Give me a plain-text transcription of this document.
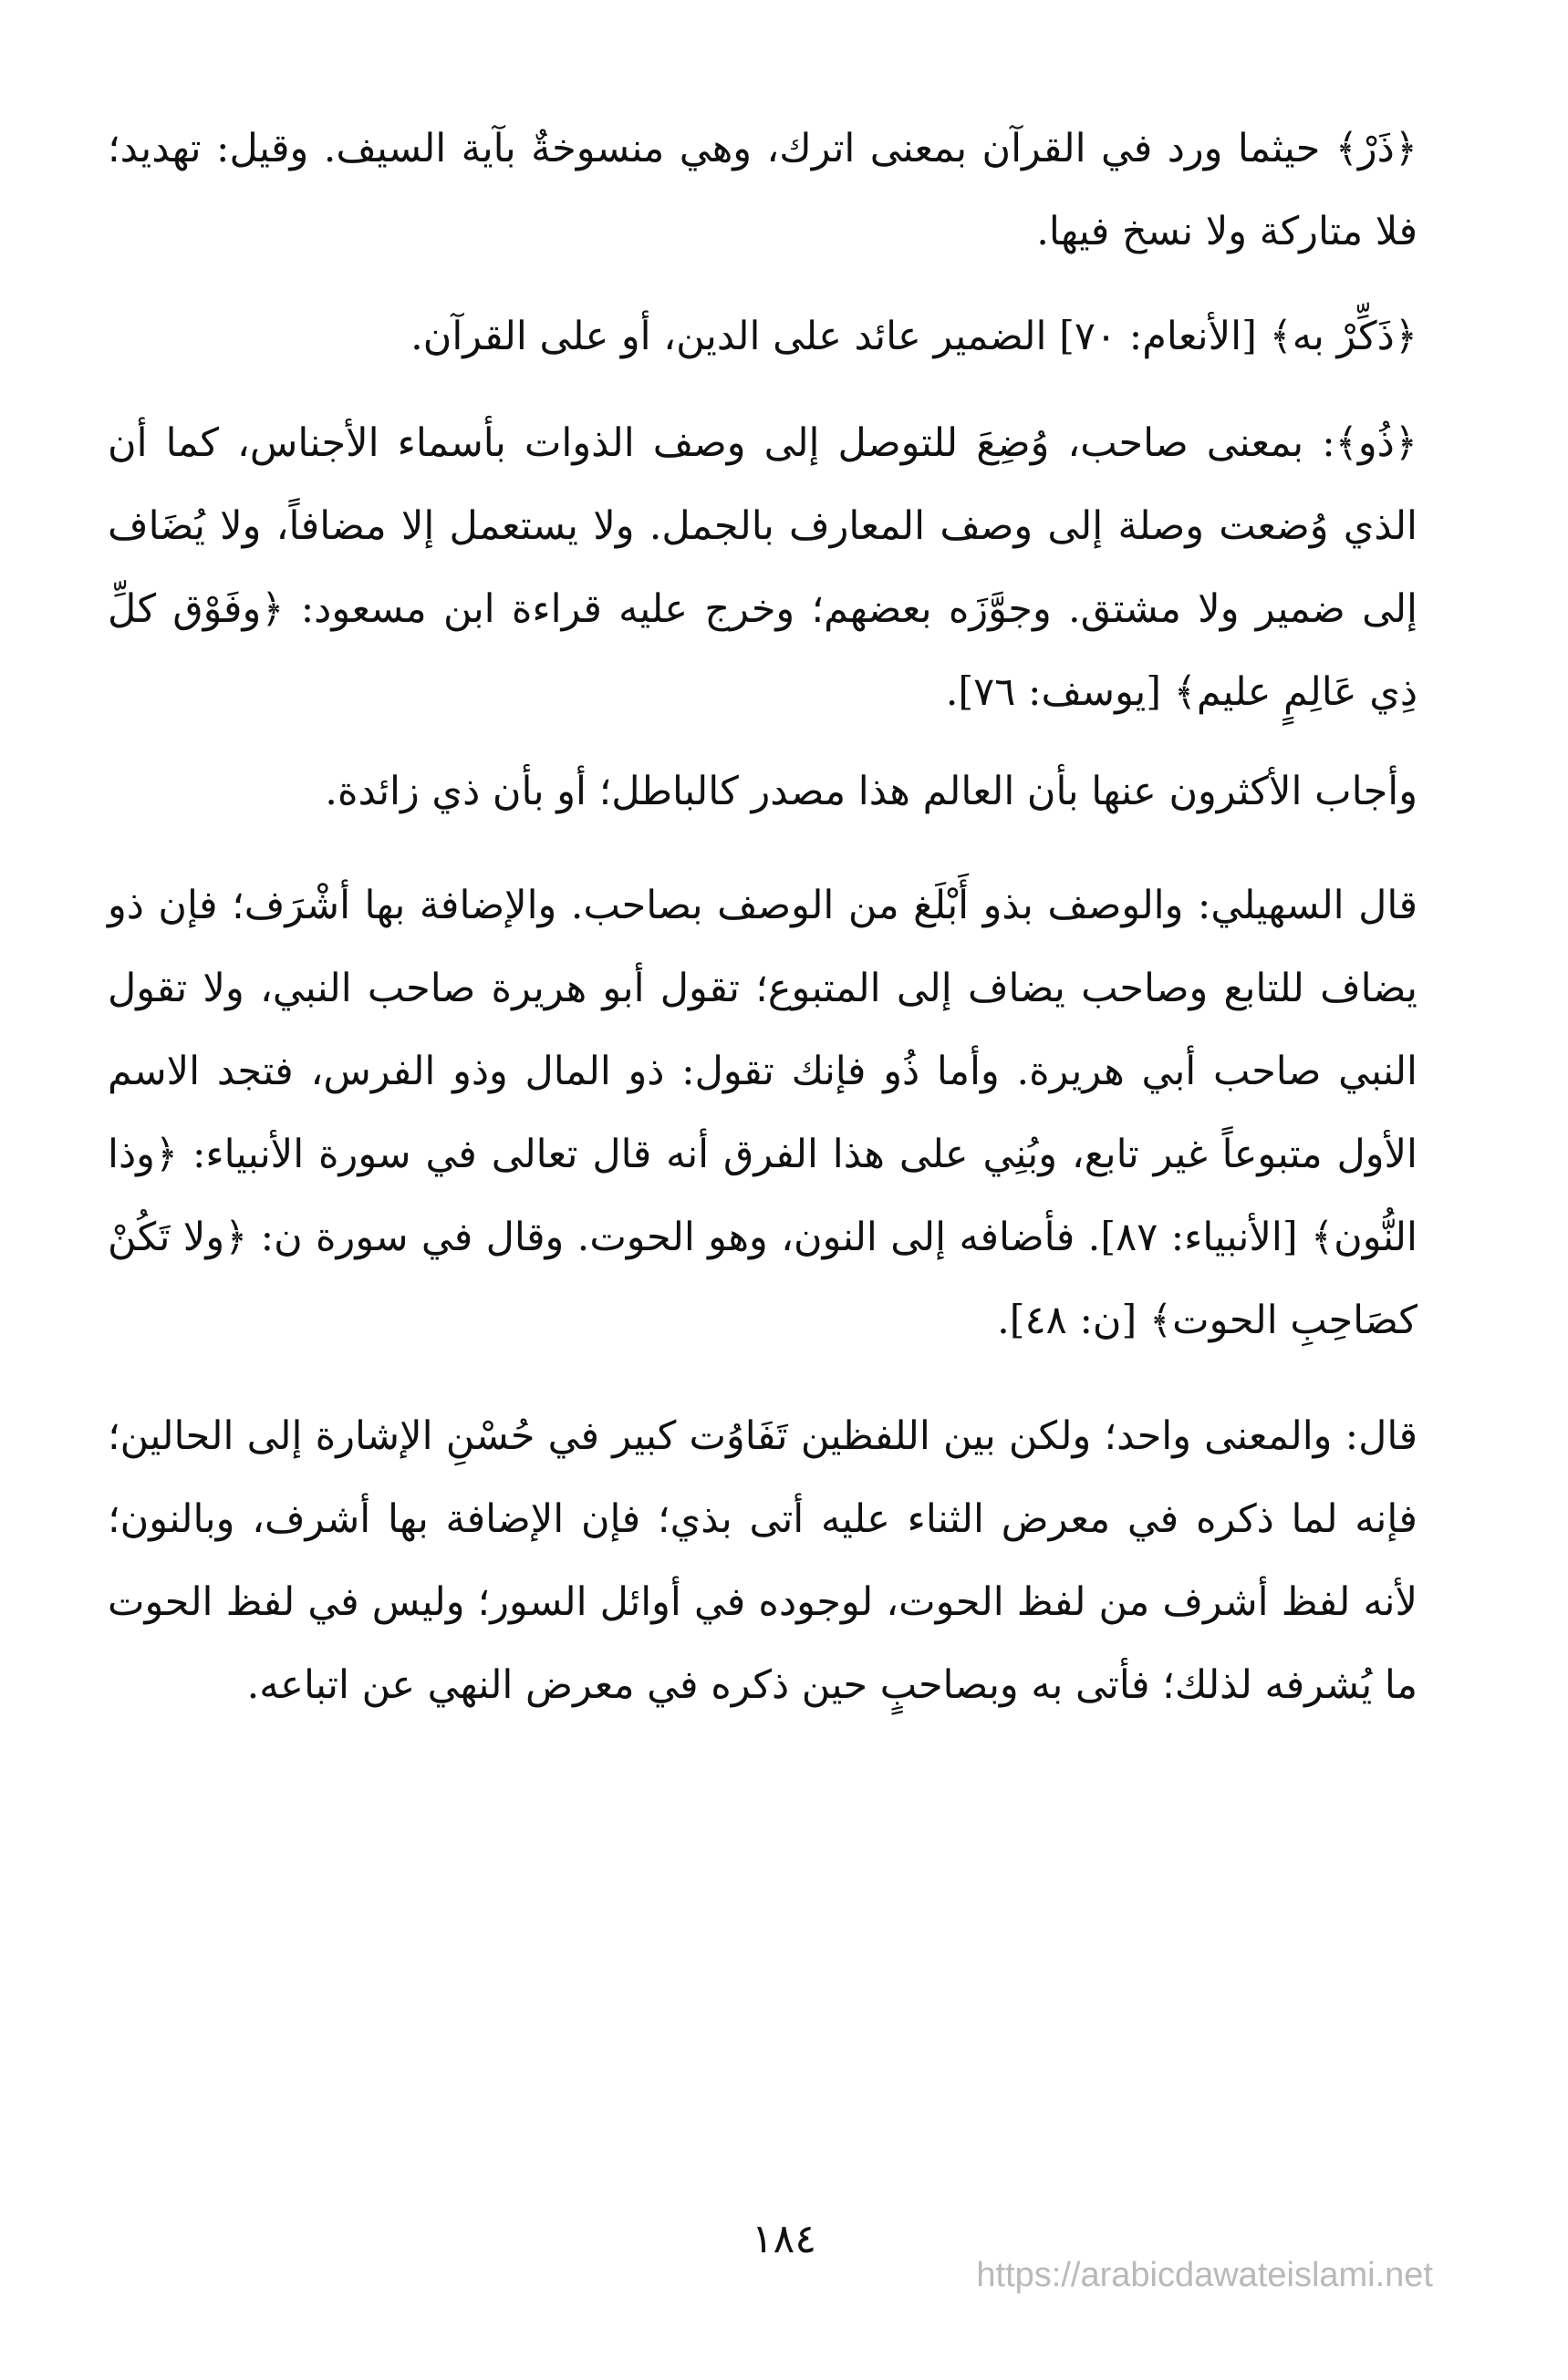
﴿ذَرْ﴾ حيثما ورد في القرآن بمعنى اترك، وهي منسوخةٌ بآية السيف. وقيل: تهديد؛ فلا متاركة ولا نسخ فيها.

﴿ذَكِّرْ به﴾ [الأنعام: ٧٠] الضمير عائد على الدين، أو على القرآن.

﴿ذُو﴾: بمعنى صاحب، وُضِعَ للتوصل إلى وصف الذوات بأسماء الأجناس، كما أن الذي وُضعت وصلة إلى وصف المعارف بالجمل. ولا يستعمل إلا مضافاً، ولا يُضَاف إلى ضمير ولا مشتق. وجوَّزَه بعضهم؛ وخرج عليه قراءة ابن مسعود: ﴿وفَوْق كلِّ ذِي عَالِمٍ عليم﴾ [يوسف: ٧٦].

وأجاب الأكثرون عنها بأن العالم هذا مصدر كالباطل؛ أو بأن ذي زائدة.

قال السهيلي: والوصف بذو أَبْلَغ من الوصف بصاحب. والإضافة بها أشْرَف؛ فإن ذو يضاف للتابع وصاحب يضاف إلى المتبوع؛ تقول أبو هريرة صاحب النبي، ولا تقول النبي صاحب أبي هريرة. وأما ذُو فإنك تقول: ذو المال وذو الفرس، فتجد الاسم الأول متبوعاً غير تابع، وبُنِي على هذا الفرق أنه قال تعالى في سورة الأنبياء: ﴿وذا النُّون﴾ [الأنبياء: ٨٧]. فأضافه إلى النون، وهو الحوت. وقال في سورة ن: ﴿ولا تَكُنْ كصَاحِبِ الحوت﴾ [ن: ٤٨].

قال: والمعنى واحد؛ ولكن بين اللفظين تَفَاوُت كبير في حُسْنِ الإشارة إلى الحالين؛ فإنه لما ذكره في معرض الثناء عليه أتى بذي؛ فإن الإضافة بها أشرف، وبالنون؛ لأنه لفظ أشرف من لفظ الحوت، لوجوده في أوائل السور؛ وليس في لفظ الحوت ما يُشرفه لذلك؛ فأتى به وبصاحبٍ حين ذكره في معرض النهي عن اتباعه.

١٨٤
https://arabicdawateislami.net
